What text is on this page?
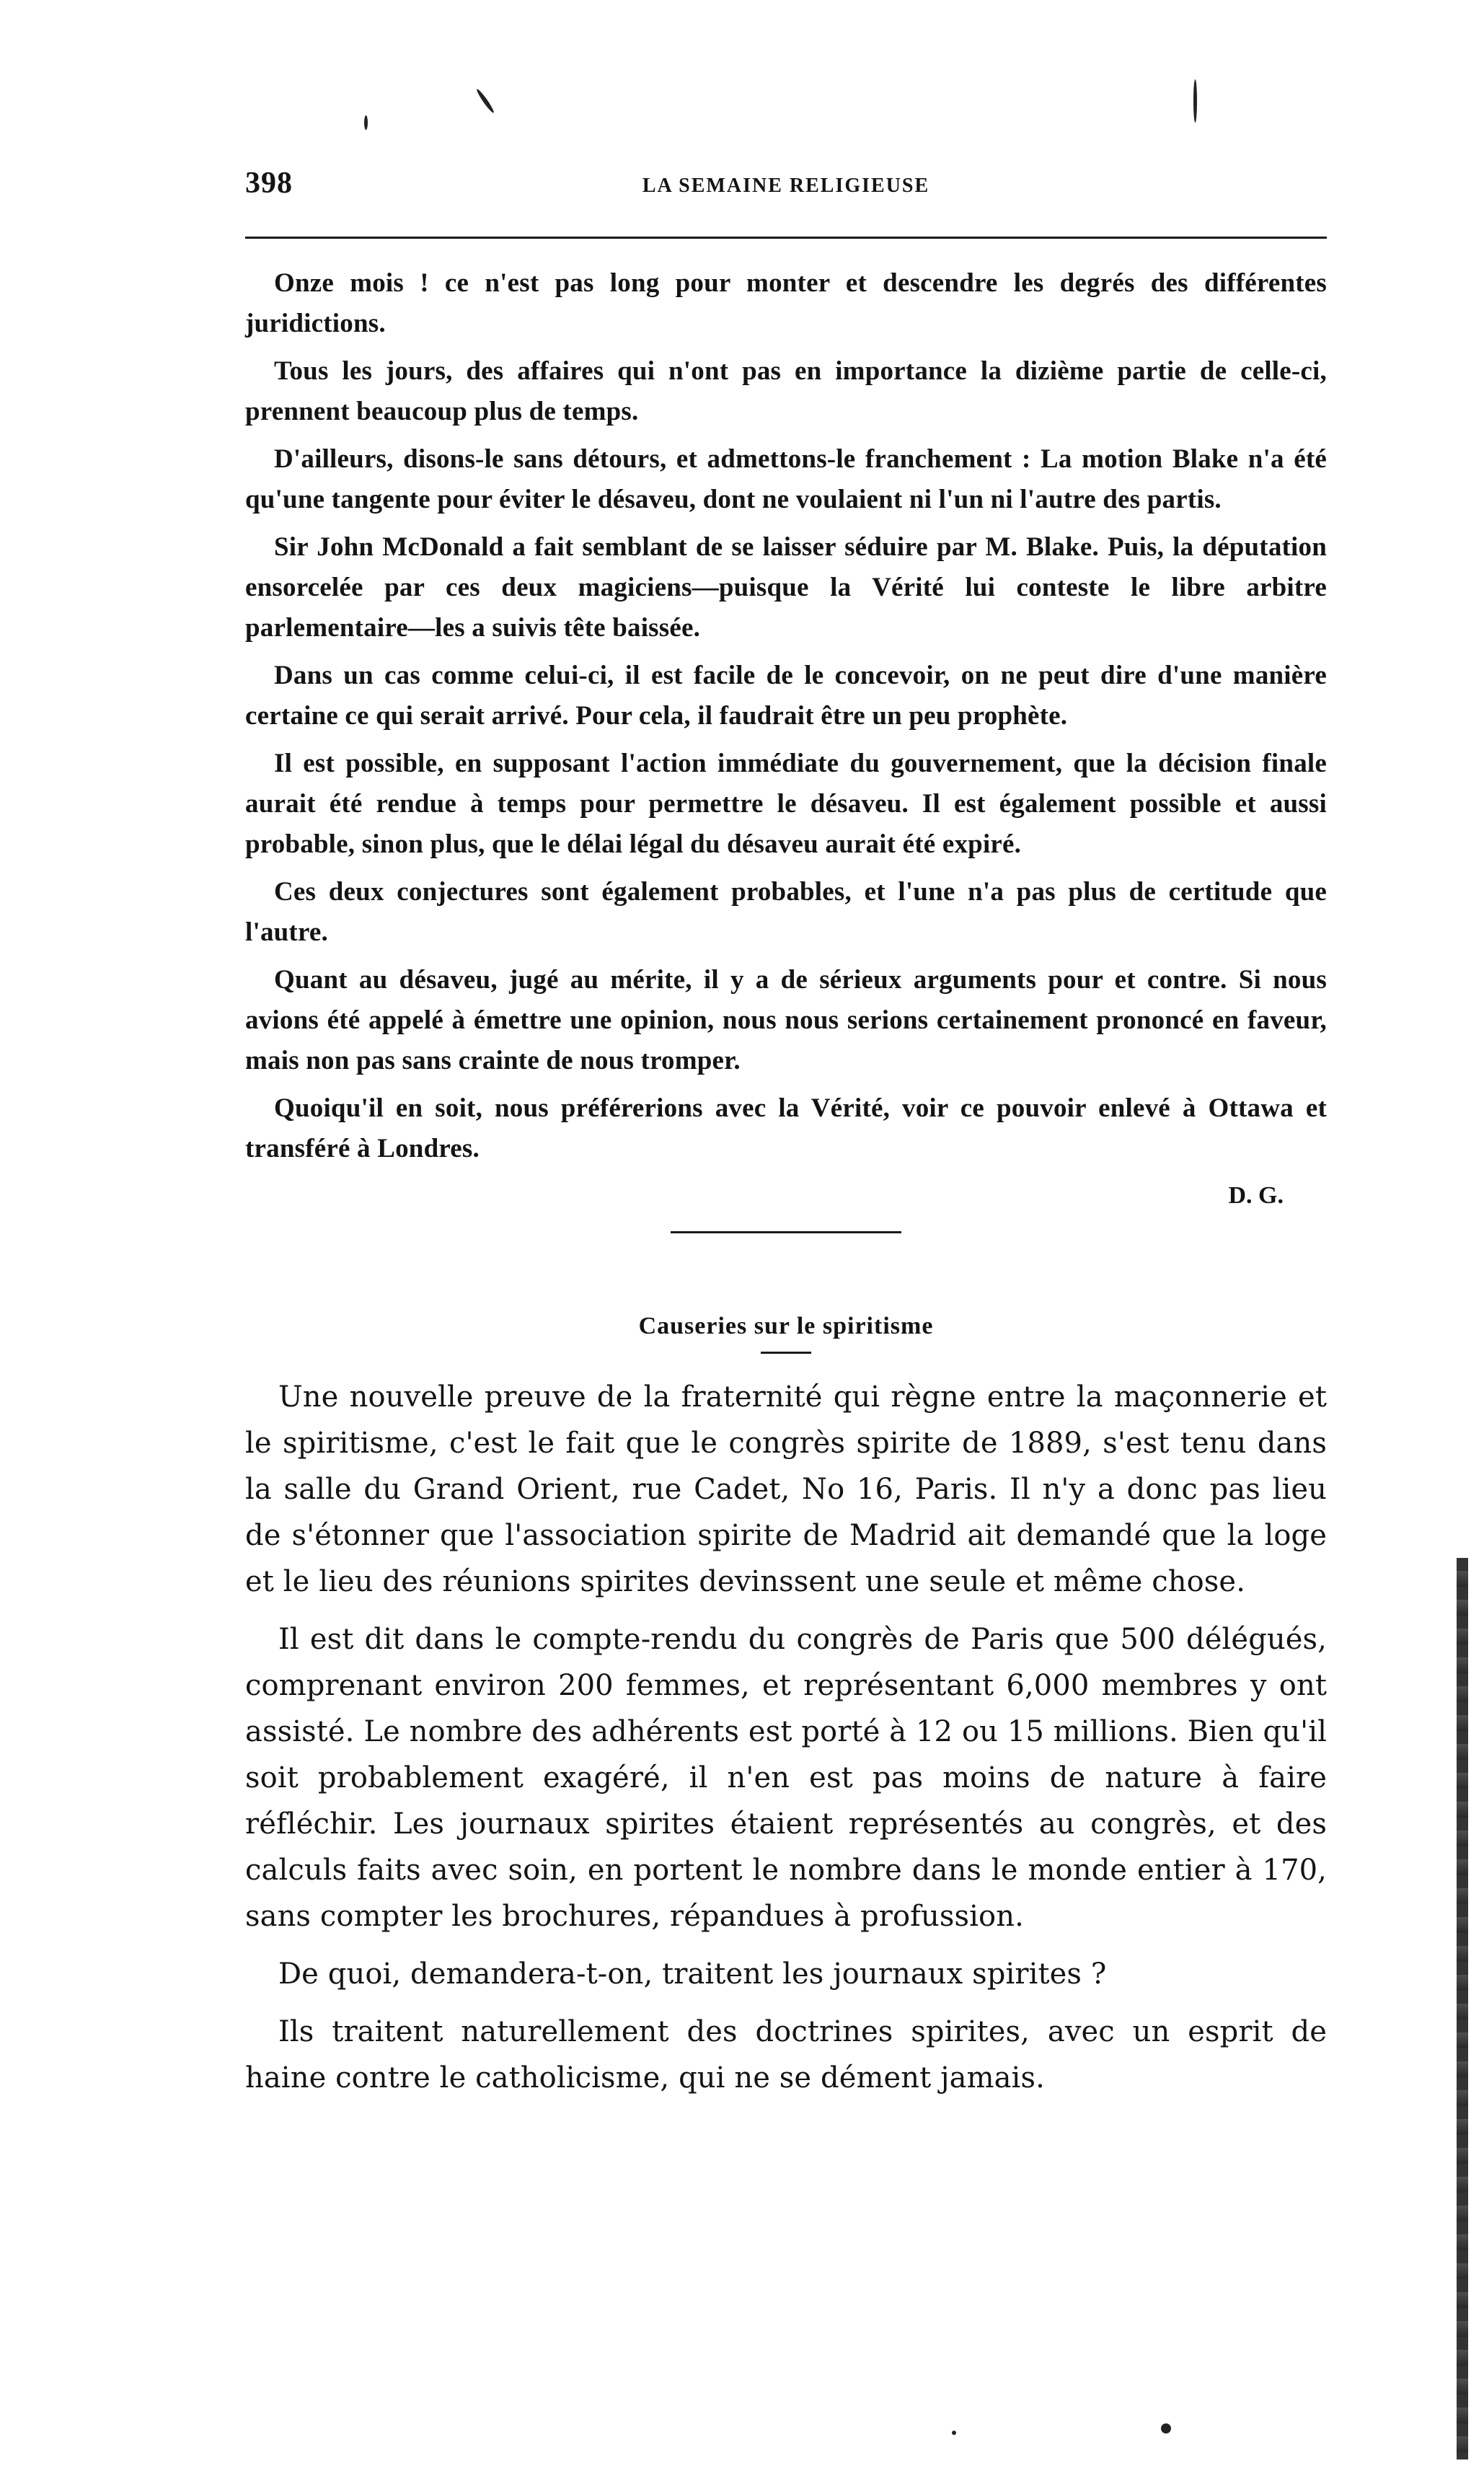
398	LA SEMAINE RELIGIEUSE

Onze mois ! ce n'est pas long pour monter et descendre les degrés des différentes juridictions.

Tous les jours, des affaires qui n'ont pas en importance la dizième partie de celle-ci, prennent beaucoup plus de temps.

D'ailleurs, disons-le sans détours, et admettons-le franchement : La motion Blake n'a été qu'une tangente pour éviter le désaveu, dont ne voulaient ni l'un ni l'autre des partis.

Sir John McDonald a fait semblant de se laisser séduire par M. Blake. Puis, la députation ensorcelée par ces deux magiciens—puisque la Vérité lui conteste le libre arbitre parlementaire—les a suivis tête baissée.

Dans un cas comme celui-ci, il est facile de le concevoir, on ne peut dire d'une manière certaine ce qui serait arrivé. Pour cela, il faudrait être un peu prophète.

Il est possible, en supposant l'action immédiate du gouvernement, que la décision finale aurait été rendue à temps pour permettre le désaveu. Il est également possible et aussi probable, sinon plus, que le délai légal du désaveu aurait été expiré.

Ces deux conjectures sont également probables, et l'une n'a pas plus de certitude que l'autre.

Quant au désaveu, jugé au mérite, il y a de sérieux arguments pour et contre. Si nous avions été appelé à émettre une opinion, nous nous serions certainement prononcé en faveur, mais non pas sans crainte de nous tromper.

Quoiqu'il en soit, nous préférerions avec la Vérité, voir ce pouvoir enlevé à Ottawa et transféré à Londres.

D. G.
Causeries sur le spiritisme

Une nouvelle preuve de la fraternité qui règne entre la maçonnerie et le spiritisme, c'est le fait que le congrès spirite de 1889, s'est tenu dans la salle du Grand Orient, rue Cadet, No 16, Paris. Il n'y a donc pas lieu de s'étonner que l'association spirite de Madrid ait demandé que la loge et le lieu des réunions spirites devinssent une seule et même chose.

Il est dit dans le compte-rendu du congrès de Paris que 500 délégués, comprenant environ 200 femmes, et représentant 6,000 membres y ont assisté. Le nombre des adhérents est porté à 12 ou 15 millions. Bien qu'il soit probablement exagéré, il n'en est pas moins de nature à faire réfléchir. Les journaux spirites étaient représentés au congrès, et des calculs faits avec soin, en portent le nombre dans le monde entier à 170, sans compter les brochures, répandues à profussion.

De quoi, demandera-t-on, traitent les journaux spirites ?

Ils traitent naturellement des doctrines spirites, avec un esprit de haine contre le catholicisme, qui ne se dément jamais.
